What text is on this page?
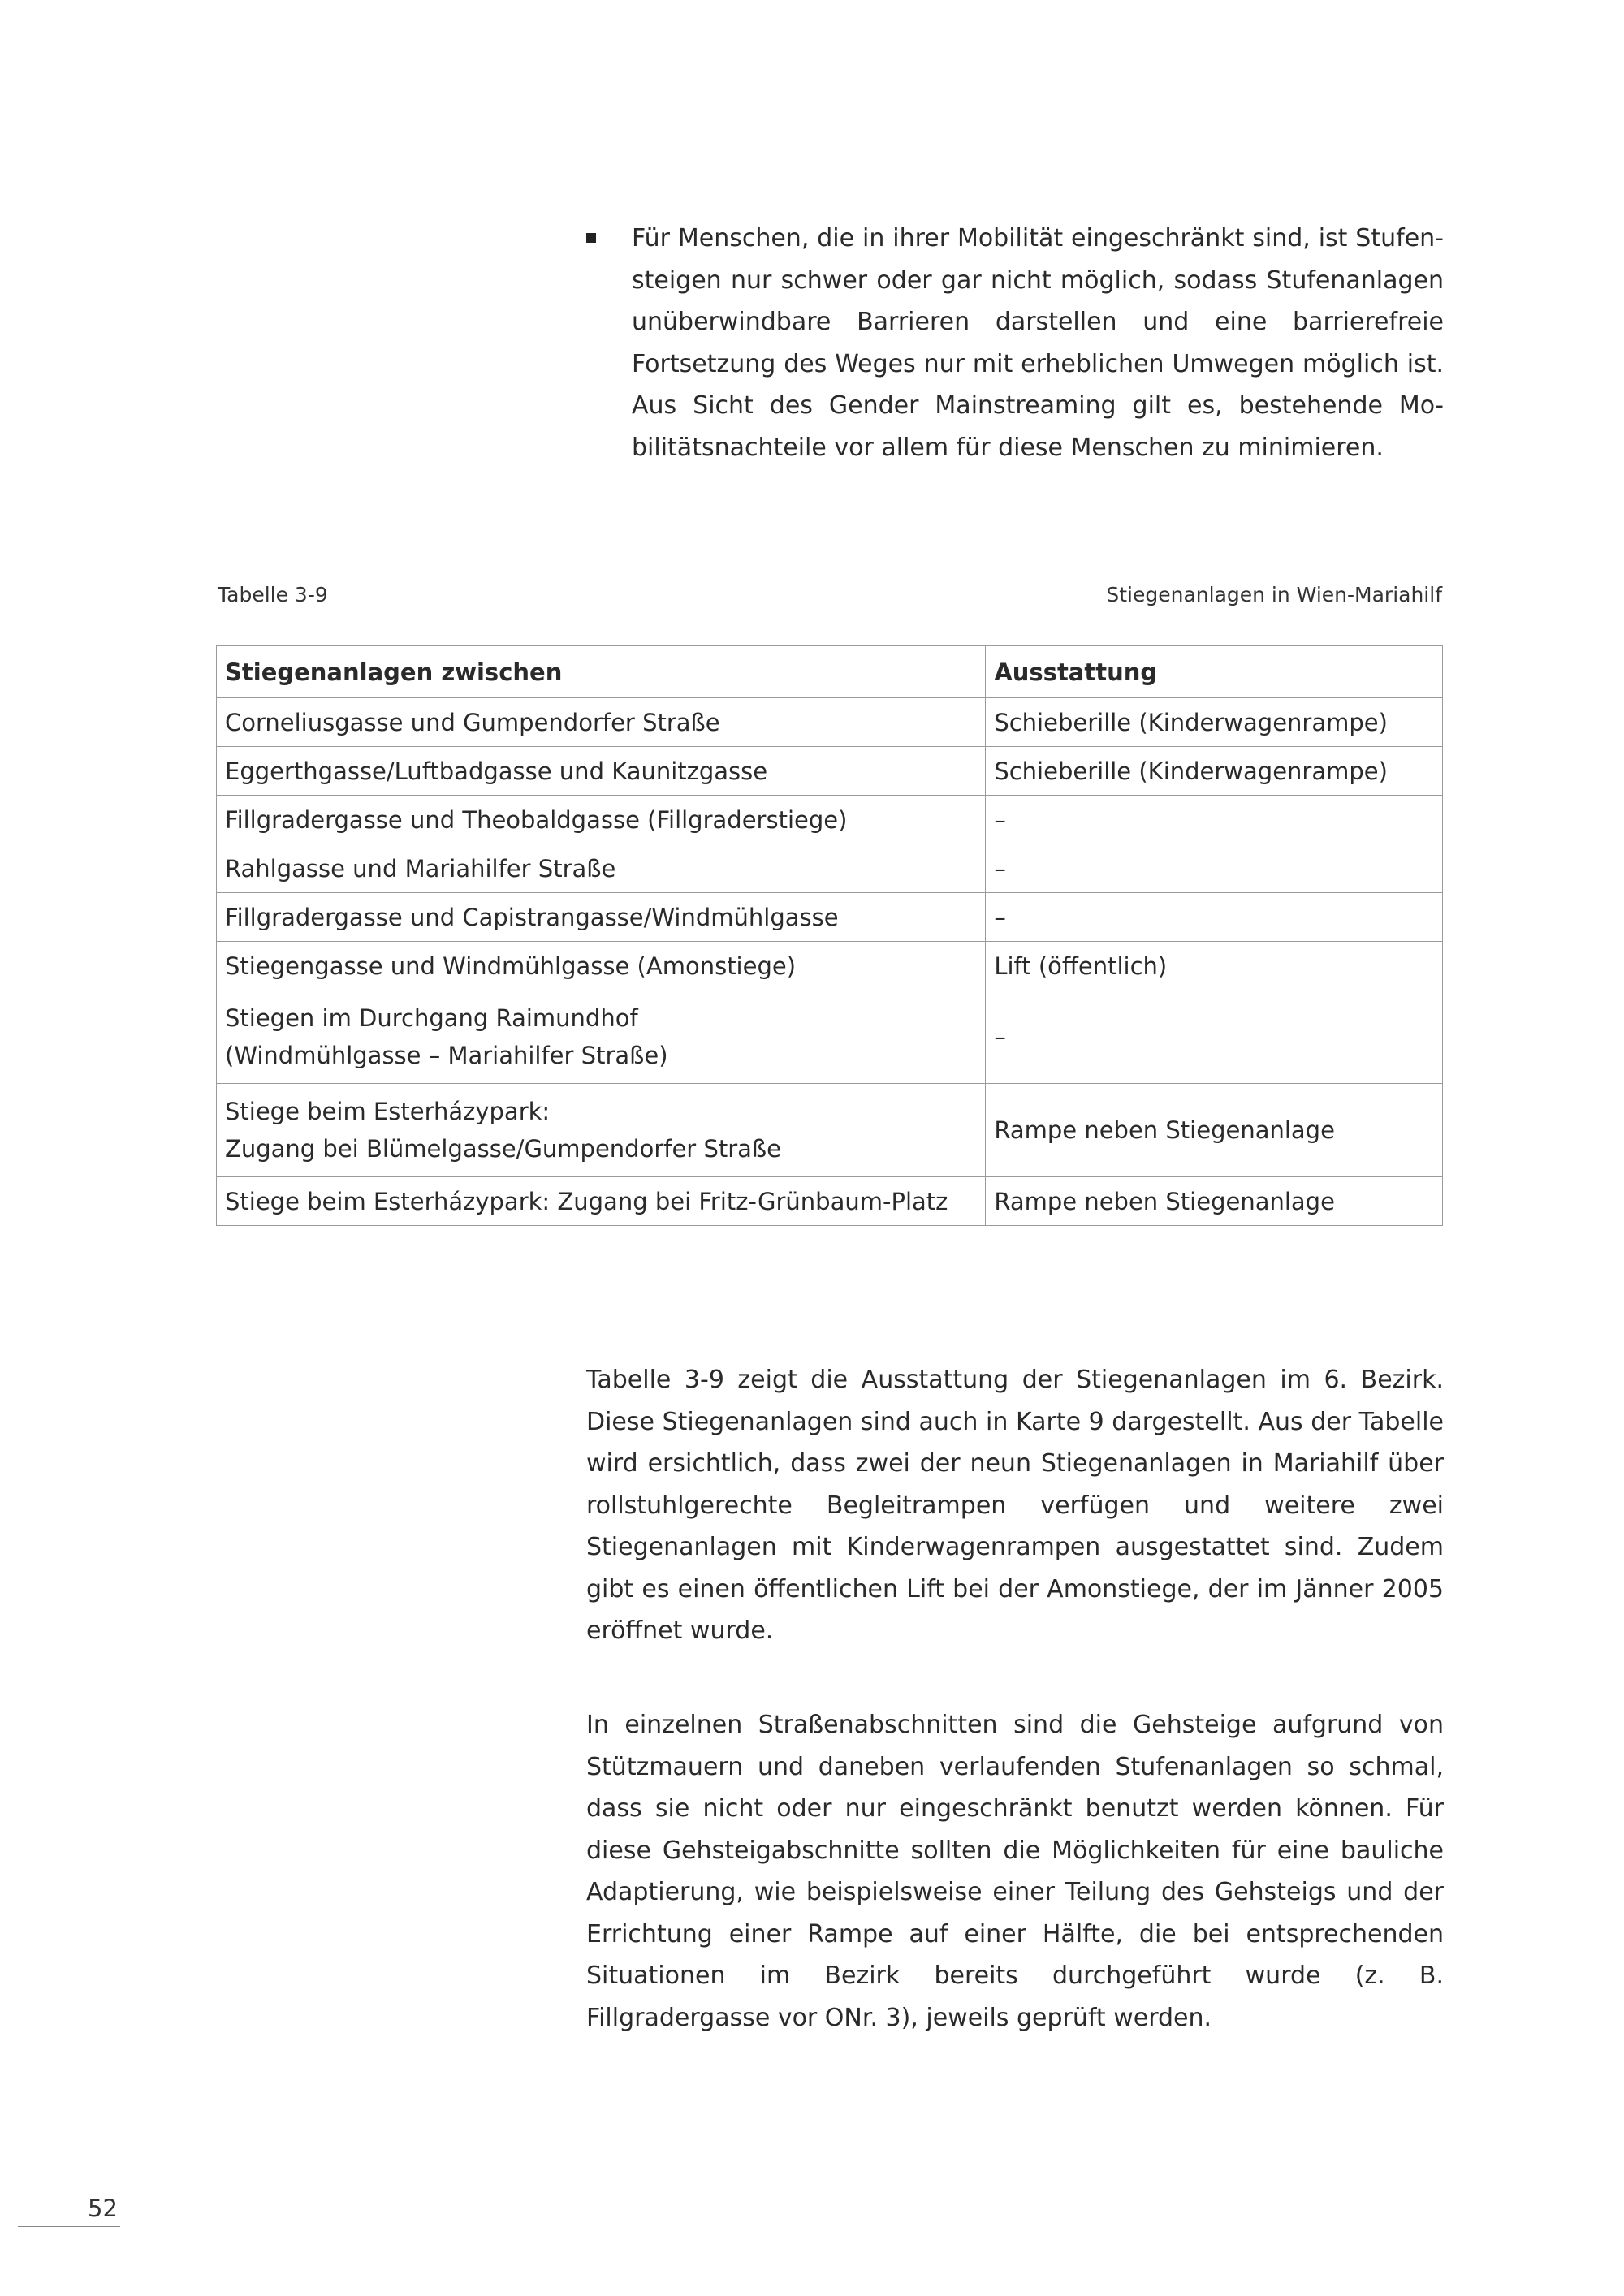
Für Menschen, die in ihrer Mobilität eingeschränkt sind, ist Stufensteigen nur schwer oder gar nicht möglich, sodass Stufenanlagen unüberwindbare Barrieren darstellen und eine barrierefreie Fortsetzung des Weges nur mit erheblichen Umwegen möglich ist. Aus Sicht des Gender Mainstreaming gilt es, bestehende Mobilitätsnachteile vor allem für diese Menschen zu minimieren.
Tabelle 3-9	Stiegenanlagen in Wien-Mariahilf
Stiegenanlagen zwischen	Ausstattung

Corneliusgasse und Gumpendorfer Straße	Schieberille (Kinderwagenrampe)

Eggerthgasse/Luftbadgasse und Kaunitzgasse	Schieberille (Kinderwagenrampe)

Fillgradergasse und Theobaldgasse (Fillgraderstiege)	–

Rahlgasse und Mariahilfer Straße	–

Fillgradergasse und Capistrangasse/Windmühlgasse	–

Stiegengasse und Windmühlgasse (Amonstiege)	Lift (öffentlich)

Stiegen im Durchgang Raimundhof
(Windmühlgasse – Mariahilfer Straße)	–

Stiege beim Esterházypark:
Zugang bei Blümelgasse/Gumpendorfer Straße	Rampe neben Stiegenanlage

Stiege beim Esterházypark: Zugang bei Fritz-Grünbaum-Platz	Rampe neben Stiegenanlage

Tabelle 3-9 zeigt die Ausstattung der Stiegenanlagen im 6. Bezirk. Diese Stiegenanlagen sind auch in Karte 9 dargestellt. Aus der Tabelle wird ersichtlich, dass zwei der neun Stiegenanlagen in Mariahilf über rollstuhlgerechte Begleitrampen verfügen und weitere zwei Stiegenanlagen mit Kinderwagenrampen ausgestattet sind. Zudem gibt es einen öffentlichen Lift bei der Amonstiege, der im Jänner 2005 eröffnet wurde.

In einzelnen Straßenabschnitten sind die Gehsteige aufgrund von Stützmauern und daneben verlaufenden Stufenanlagen so schmal, dass sie nicht oder nur eingeschränkt benutzt werden können. Für diese Gehsteigabschnitte sollten die Möglichkeiten für eine bauliche Adaptierung, wie beispielsweise einer Teilung des Gehsteigs und der Errichtung einer Rampe auf einer Hälfte, die bei entsprechenden Situationen im Bezirk bereits durchgeführt wurde (z. B. Fillgradergasse vor ONr. 3), jeweils geprüft werden.

52
